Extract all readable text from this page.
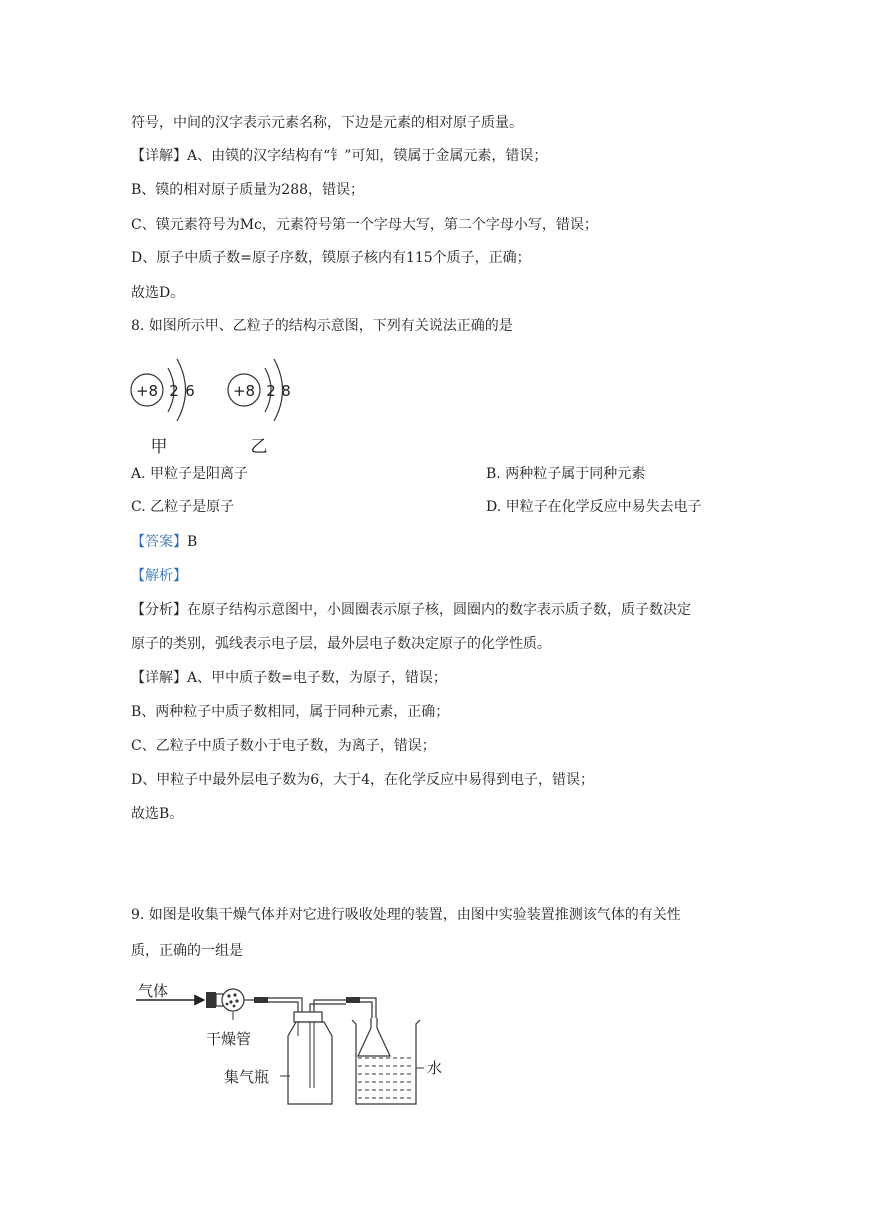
符号，中间的汉字表示元素名称，下边是元素的相对原子质量。
【详解】A、由镆的汉字结构有“钅”可知，镆属于金属元素，错误；
B、镆的相对原子质量为288，错误；
C、镆元素符号为Mc，元素符号第一个字母大写，第二个字母小写，错误；
D、原子中质子数=原子序数，镆原子核内有115个质子，正确；
故选D。
8. 如图所示甲、乙粒子的结构示意图，下列有关说法正确的是
+8 2 6
甲
+8 2 8
乙
A. 甲粒子是阳离子	B. 两种粒子属于同种元素
C. 乙粒子是原子	D. 甲粒子在化学反应中易失去电子
【答案】B
【解析】
【分析】在原子结构示意图中，小圆圈表示原子核，圆圈内的数字表示质子数，质子数决定
原子的类别，弧线表示电子层，最外层电子数决定原子的化学性质。
【详解】A、甲中质子数=电子数，为原子，错误；
B、两种粒子中质子数相同，属于同种元素，正确；
C、乙粒子中质子数小于电子数，为离子，错误；
D、甲粒子中最外层电子数为6，大于4，在化学反应中易得到电子，错误；
故选B。
9. 如图是收集干燥气体并对它进行吸收处理的装置，由图中实验装置推测该气体的有关性
质，正确的一组是
气体
干燥管
集气瓶	水
